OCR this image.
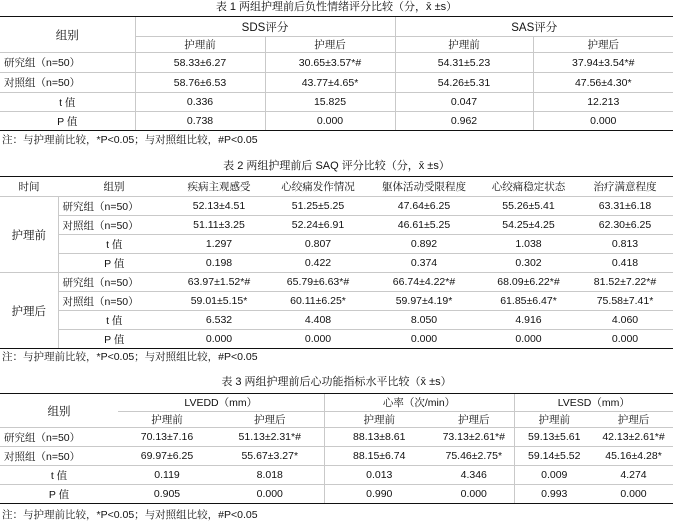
表 1 两组护理前后负性情绪评分比较（分，x̄ ±s）
组别	SDS评分		SAS评分	
	护理前	护理后	护理前	护理后
研究组（n=50）	58.33±6.27	30.65±3.57*#	54.31±5.23	37.94±3.54*#
对照组（n=50）	58.76±6.53	43.77±4.65*	54.26±5.31	47.56±4.30*
t 值	0.336	15.825	0.047	12.213
P 值	0.738	0.000	0.962	0.000
注：与护理前比较，*P<0.05；与对照组比较，#P<0.05
表 2 两组护理前后 SAQ 评分比较（分，x̄ ±s）
时间	组别	疾病主观感受	心绞痛发作情况	躯体活动受限程度	心绞痛稳定状态	治疗满意程度
护理前	研究组（n=50）	52.13±4.51	51.25±5.25	47.64±6.25	55.26±5.41	63.31±6.18
	对照组（n=50）	51.11±3.25	52.24±6.91	46.61±5.25	54.25±4.25	62.30±6.25
	t 值	1.297	0.807	0.892	1.038	0.813
	P 值	0.198	0.422	0.374	0.302	0.418
护理后	研究组（n=50）	63.97±1.52*#	65.79±6.63*#	66.74±4.22*#	68.09±6.22*#	81.52±7.22*#
	对照组（n=50）	59.01±5.15*	60.11±6.25*	59.97±4.19*	61.85±6.47*	75.58±7.41*
	t 值	6.532	4.408	8.050	4.916	4.060
	P 值	0.000	0.000	0.000	0.000	0.000
注：与护理前比较，*P<0.05；与对照组比较，#P<0.05
表 3 两组护理前后心功能指标水平比较（x̄ ±s）
组别	LVEDD（mm）		心率（次/min）		LVESD（mm）	
	护理前	护理后	护理前	护理后	护理前	护理后
研究组（n=50）	70.13±7.16	51.13±2.31*#	88.13±8.61	73.13±2.61*#	59.13±5.61	42.13±2.61*#
对照组（n=50）	69.97±6.25	55.67±3.27*	88.15±6.74	75.46±2.75*	59.14±5.52	45.16±4.28*
t 值	0.119	8.018	0.013	4.346	0.009	4.274
P 值	0.905	0.000	0.990	0.000	0.993	0.000
注：与护理前比较，*P<0.05；与对照组比较，#P<0.05
